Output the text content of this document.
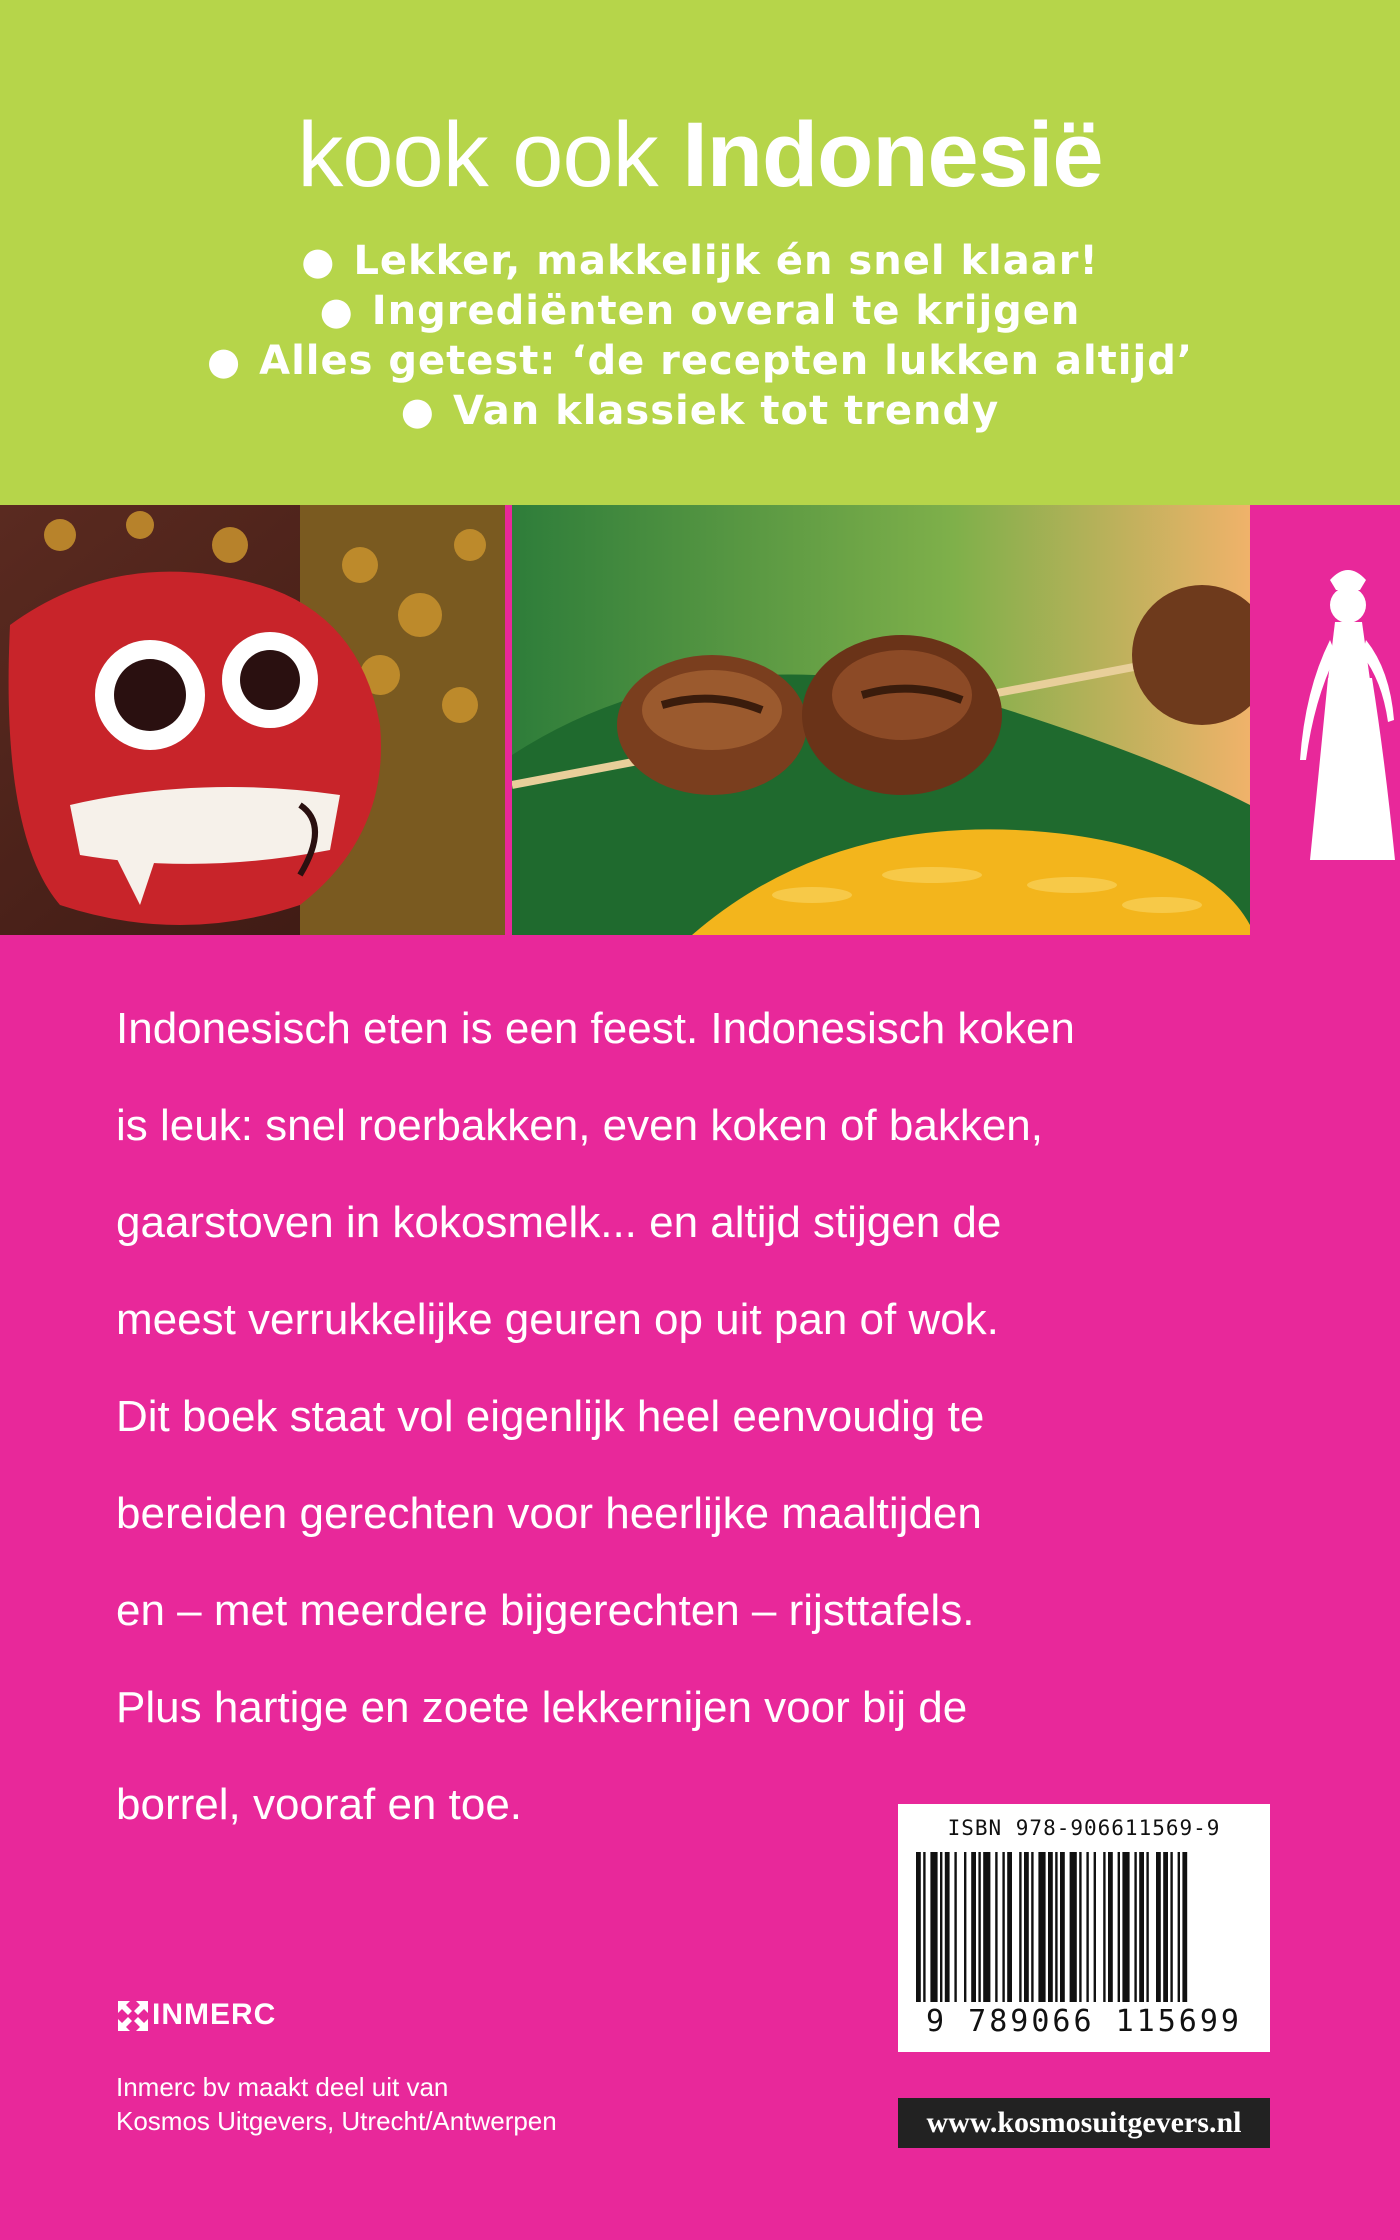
kook ook Indonesië
● Lekker, makkelijk én snel klaar!
● Ingrediënten overal te krijgen
● Alles getest: ‘de recepten lukken altijd’
● Van klassiek tot trendy

Indonesisch eten is een feest. Indonesisch koken

is leuk: snel roerbakken, even koken of bakken,

gaarstoven in kokosmelk... en altijd stijgen de

meest verrukkelijke geuren op uit pan of wok.

Dit boek staat vol eigenlijk heel eenvoudig te

bereiden gerechten voor heerlijke maaltijden

en – met meerdere bijgerechten – rijsttafels.

Plus hartige en zoete lekkernijen voor bij de

borrel, vooraf en toe.

INMERC
Inmerc bv maakt deel uit van
Kosmos Uitgevers, Utrecht/Antwerpen
ISBN 978-906611569-9
9 789066 115699
www.kosmosuitgevers.nl
